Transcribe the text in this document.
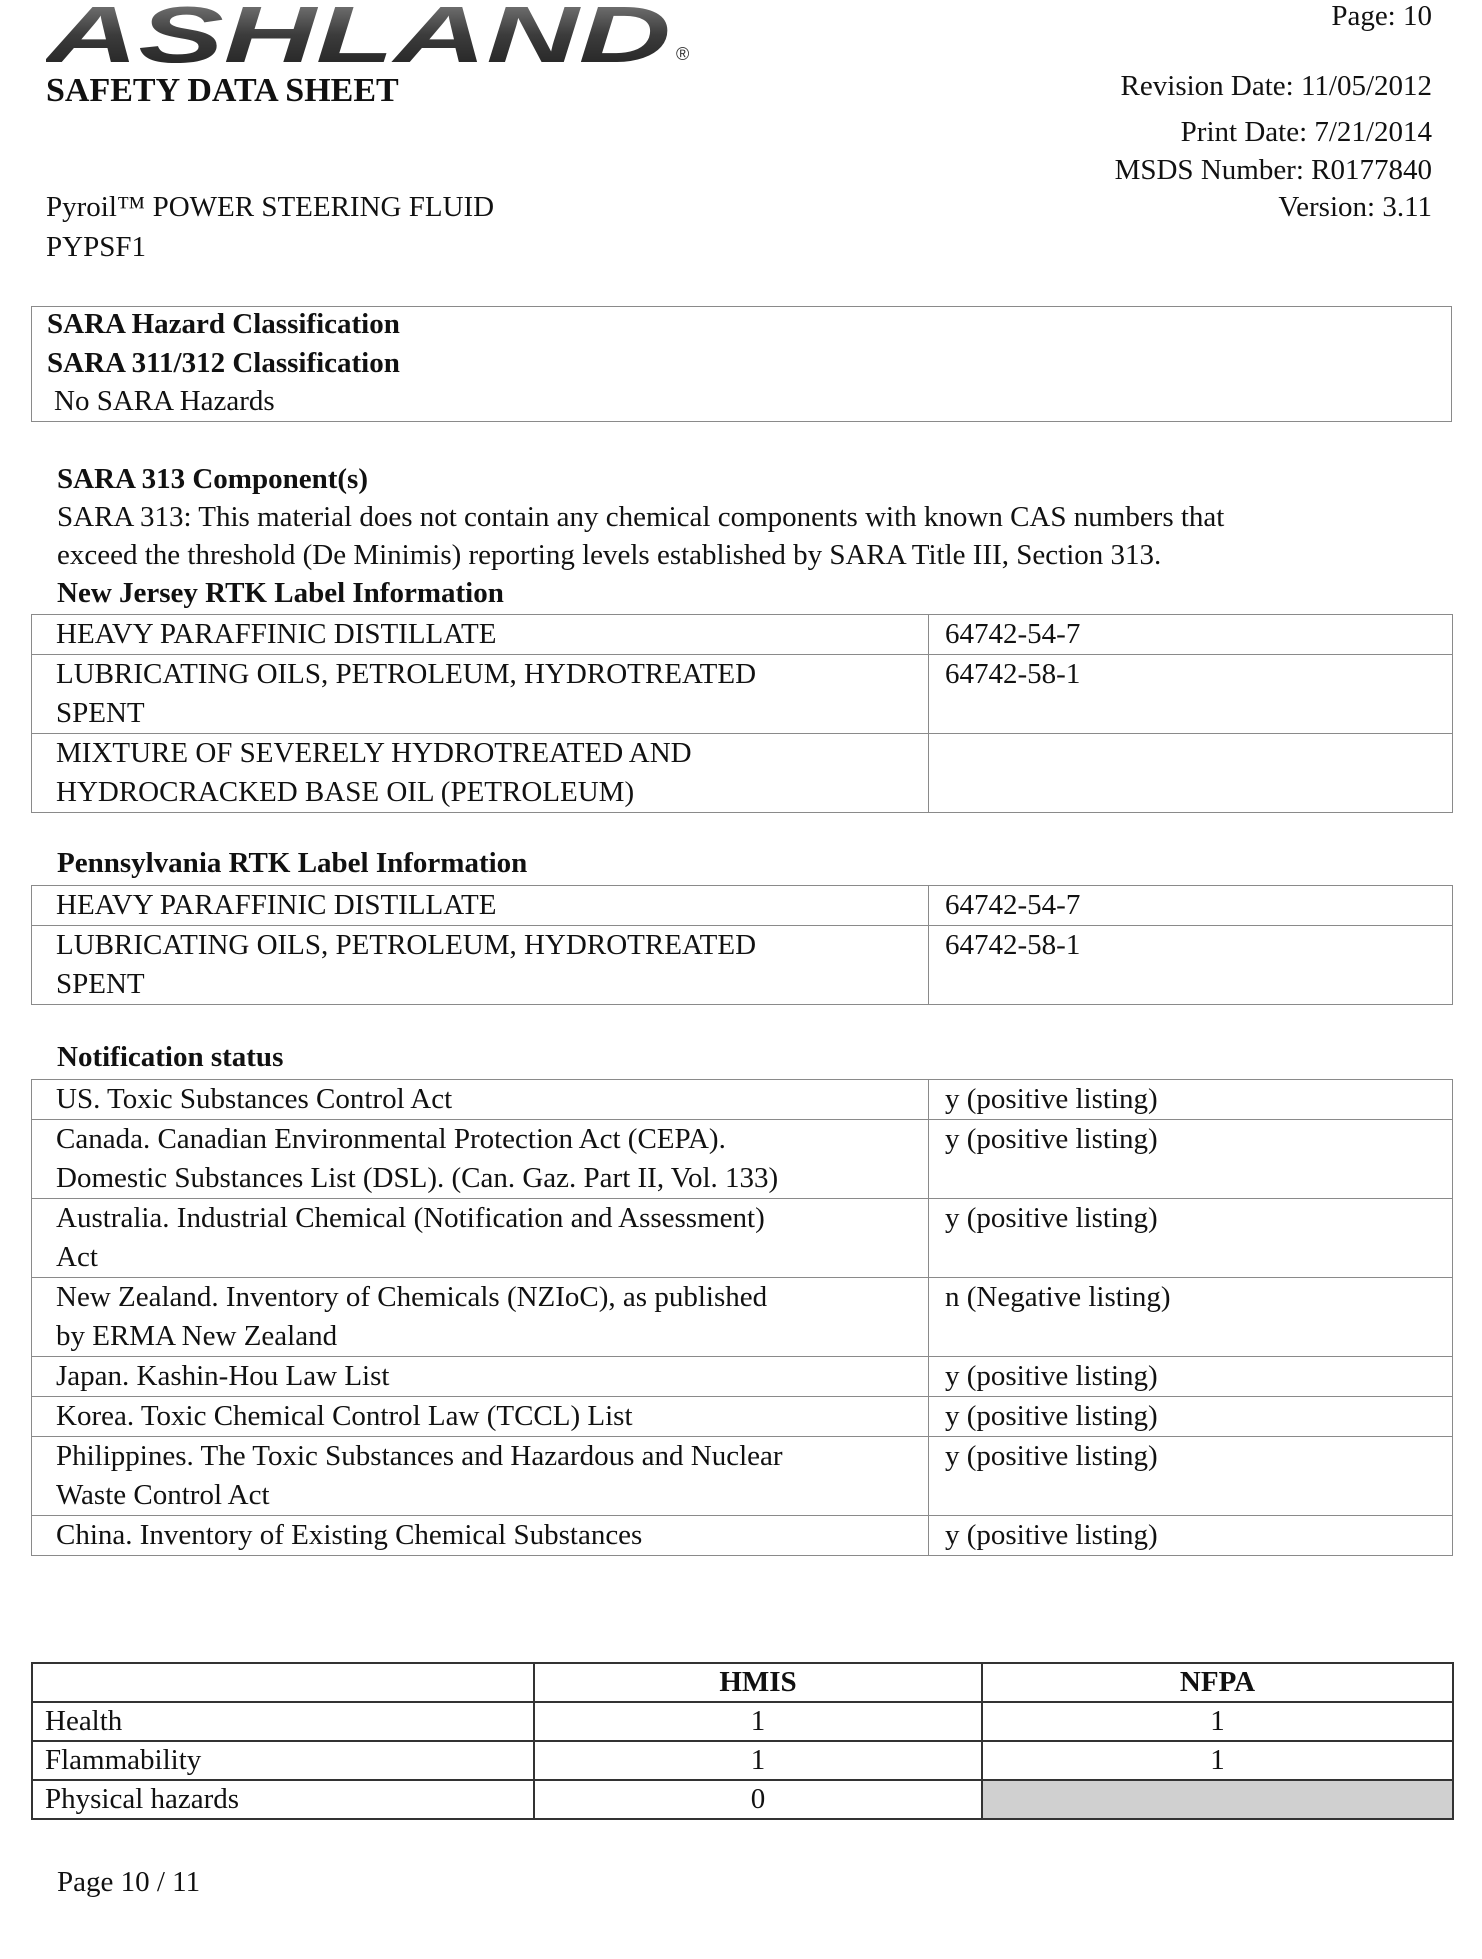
ASHLAND ®
SAFETY DATA SHEET
Page: 10
Revision Date: 11/05/2012
Print Date: 7/21/2014
MSDS Number: R0177840
Pyroil™ POWER STEERING FLUID	Version: 3.11
PYPSF1
SARA Hazard Classification
SARA 311/312 Classification
No SARA Hazards
SARA 313 Component(s)
SARA 313: This material does not contain any chemical components with known CAS numbers that
exceed the threshold (De Minimis) reporting levels established by SARA Title III, Section 313.
New Jersey RTK Label Information
HEAVY PARAFFINIC DISTILLATE	64742-54-7

LUBRICATING OILS, PETROLEUM, HYDROTREATED
SPENT	64742-58-1

MIXTURE OF SEVERELY HYDROTREATED AND
HYDROCRACKED BASE OIL (PETROLEUM)	

Pennsylvania RTK Label Information
HEAVY PARAFFINIC DISTILLATE	64742-54-7

LUBRICATING OILS, PETROLEUM, HYDROTREATED
SPENT	64742-58-1
Notification status
US. Toxic Substances Control Act	y (positive listing)

Canada. Canadian Environmental Protection Act (CEPA).
Domestic Substances List (DSL). (Can. Gaz. Part II, Vol. 133)	y (positive listing)

Australia. Industrial Chemical (Notification and Assessment)
Act	y (positive listing)

New Zealand. Inventory of Chemicals (NZIoC), as published
by ERMA New Zealand	n (Negative listing)

Japan. Kashin-Hou Law List	y (positive listing)

Korea. Toxic Chemical Control Law (TCCL) List	y (positive listing)

Philippines. The Toxic Substances and Hazardous and Nuclear
Waste Control Act	y (positive listing)

China. Inventory of Existing Chemical Substances	y (positive listing)
	HMIS	NFPA
Health	1	1
Flammability	1	1
Physical hazards	0	
Page 10 / 11
